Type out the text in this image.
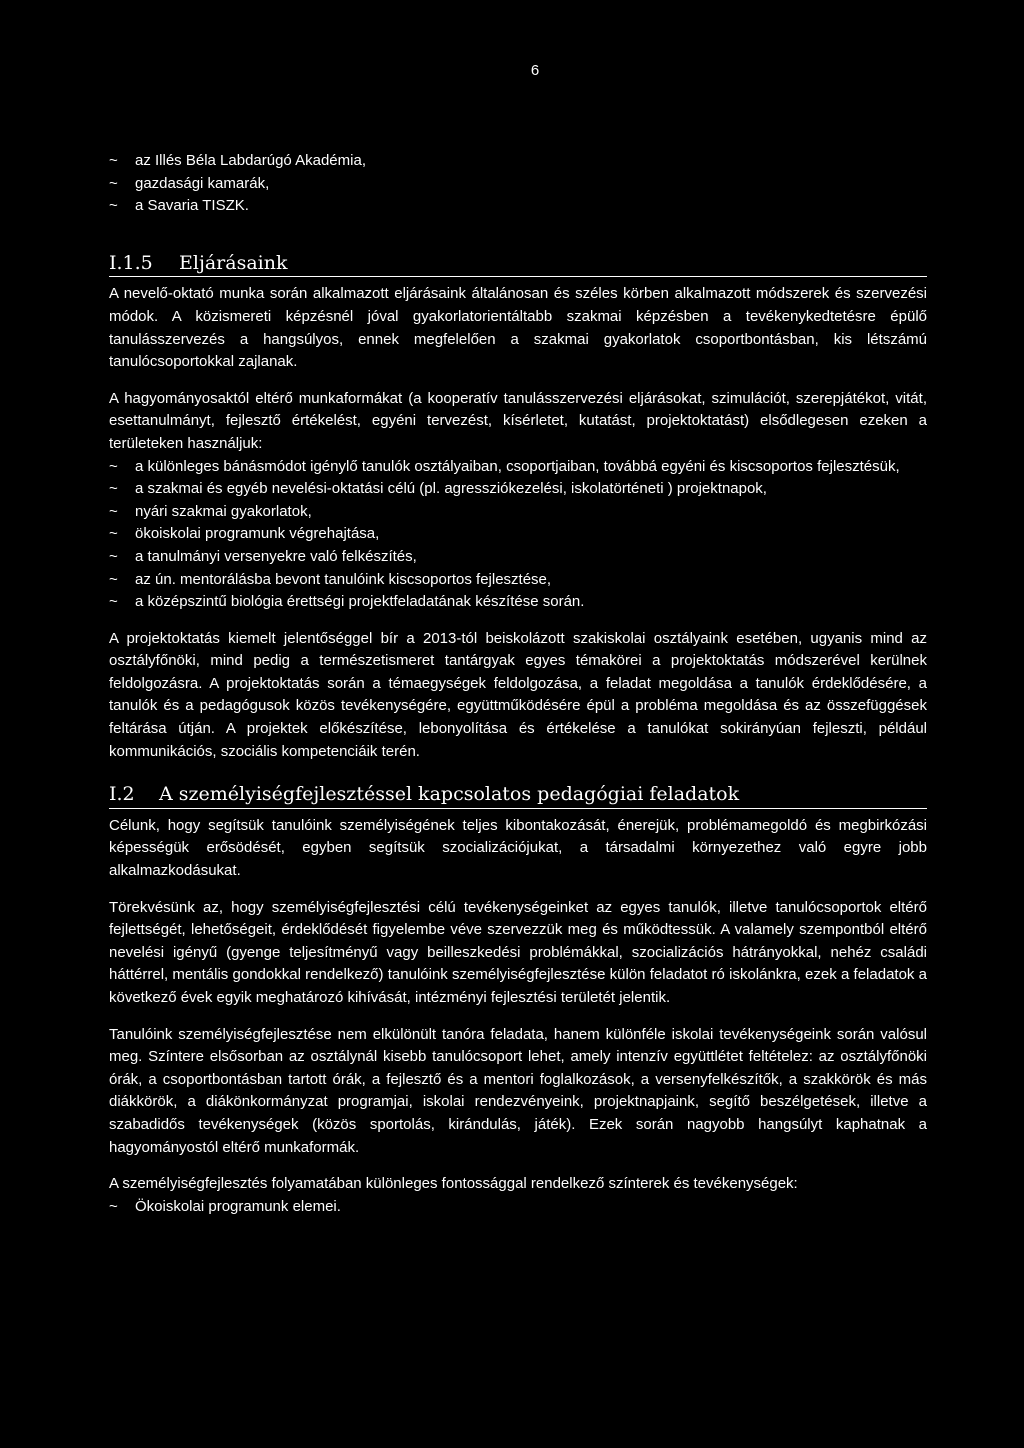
6
~ az Illés Béla Labdarúgó Akadémia,
~ gazdasági kamarák,
~ a Savaria TISZK.
I.1.5	Eljárásaink

A nevelő-oktató munka során alkalmazott eljárásaink általánosan és széles körben alkalmazott módszerek és szervezési módok. A közismereti képzésnél jóval gyakorlatorientáltabb szakmai képzésben a tevékenykedtetésre épülő tanulásszervezés a hangsúlyos, ennek megfelelően a szakmai gyakorlatok csoportbontásban, kis létszámú tanulócsoportokkal zajlanak.

A hagyományosaktól eltérő munkaformákat (a kooperatív tanulásszervezési eljárásokat, szimulációt, szerepjátékot, vitát, esettanulmányt, fejlesztő értékelést, egyéni tervezést, kísérletet, kutatást, projektoktatást) elsődlegesen ezeken a területeken használjuk:

~ a különleges bánásmódot igénylő tanulók osztályaiban, csoportjaiban, továbbá egyéni és kiscsoportos fejlesztésük,
~ a szakmai és egyéb nevelési-oktatási célú (pl. agressziókezelési, iskolatörténeti ) projektnapok,
~ nyári szakmai gyakorlatok,
~ ökoiskolai programunk végrehajtása,
~ a tanulmányi versenyekre való felkészítés,
~ az ún. mentorálásba bevont tanulóink kiscsoportos fejlesztése,
~ a középszintű biológia érettségi projektfeladatának készítése során.

A projektoktatás kiemelt jelentőséggel bír a 2013-tól beiskolázott szakiskolai osztályaink esetében, ugyanis mind az osztályfőnöki, mind pedig a természetismeret tantárgyak egyes témakörei a projektoktatás módszerével kerülnek feldolgozásra. A projektoktatás során a témaegységek feldolgozása, a feladat megoldása a tanulók érdeklődésére, a tanulók és a pedagógusok közös tevékenységére, együttműködésére épül a probléma megoldása és az összefüggések feltárása útján. A projektek előkészítése, lebonyolítása és értékelése a tanulókat sokirányúan fejleszti, például kommunikációs, szociális kompetenciáik terén.

I.2	A személyiségfejlesztéssel kapcsolatos pedagógiai feladatok

Célunk, hogy segítsük tanulóink személyiségének teljes kibontakozását, énerejük, problémamegoldó és megbirkózási képességük erősödését, egyben segítsük szocializációjukat, a társadalmi környezethez való egyre jobb alkalmazkodásukat.

Törekvésünk az, hogy személyiségfejlesztési célú tevékenységeinket az egyes tanulók, illetve tanulócsoportok eltérő fejlettségét, lehetőségeit, érdeklődését figyelembe véve szervezzük meg és működtessük. A valamely szempontból eltérő nevelési igényű (gyenge teljesítményű vagy beilleszkedési problémákkal, szocializációs hátrányokkal, nehéz családi háttérrel, mentális gondokkal rendelkező) tanulóink személyiségfejlesztése külön feladatot ró iskolánkra, ezek a feladatok a következő évek egyik meghatározó kihívását, intézményi fejlesztési területét jelentik.

Tanulóink személyiségfejlesztése nem elkülönült tanóra feladata, hanem különféle iskolai tevékenységeink során valósul meg. Színtere elsősorban az osztálynál kisebb tanulócsoport lehet, amely intenzív együttlétet feltételez: az osztályfőnöki órák, a csoportbontásban tartott órák, a fejlesztő és a mentori foglalkozások, a versenyfelkészítők, a szakkörök és más diákkörök, a diákönkormányzat programjai, iskolai rendezvényeink, projektnapjaink, segítő beszélgetések, illetve a szabadidős tevékenységek (közös sportolás, kirándulás, játék). Ezek során nagyobb hangsúlyt kaphatnak a hagyományostól eltérő munkaformák.

A személyiségfejlesztés folyamatában különleges fontossággal rendelkező színterek és tevékenységek:

~ Ökoiskolai programunk elemei.
